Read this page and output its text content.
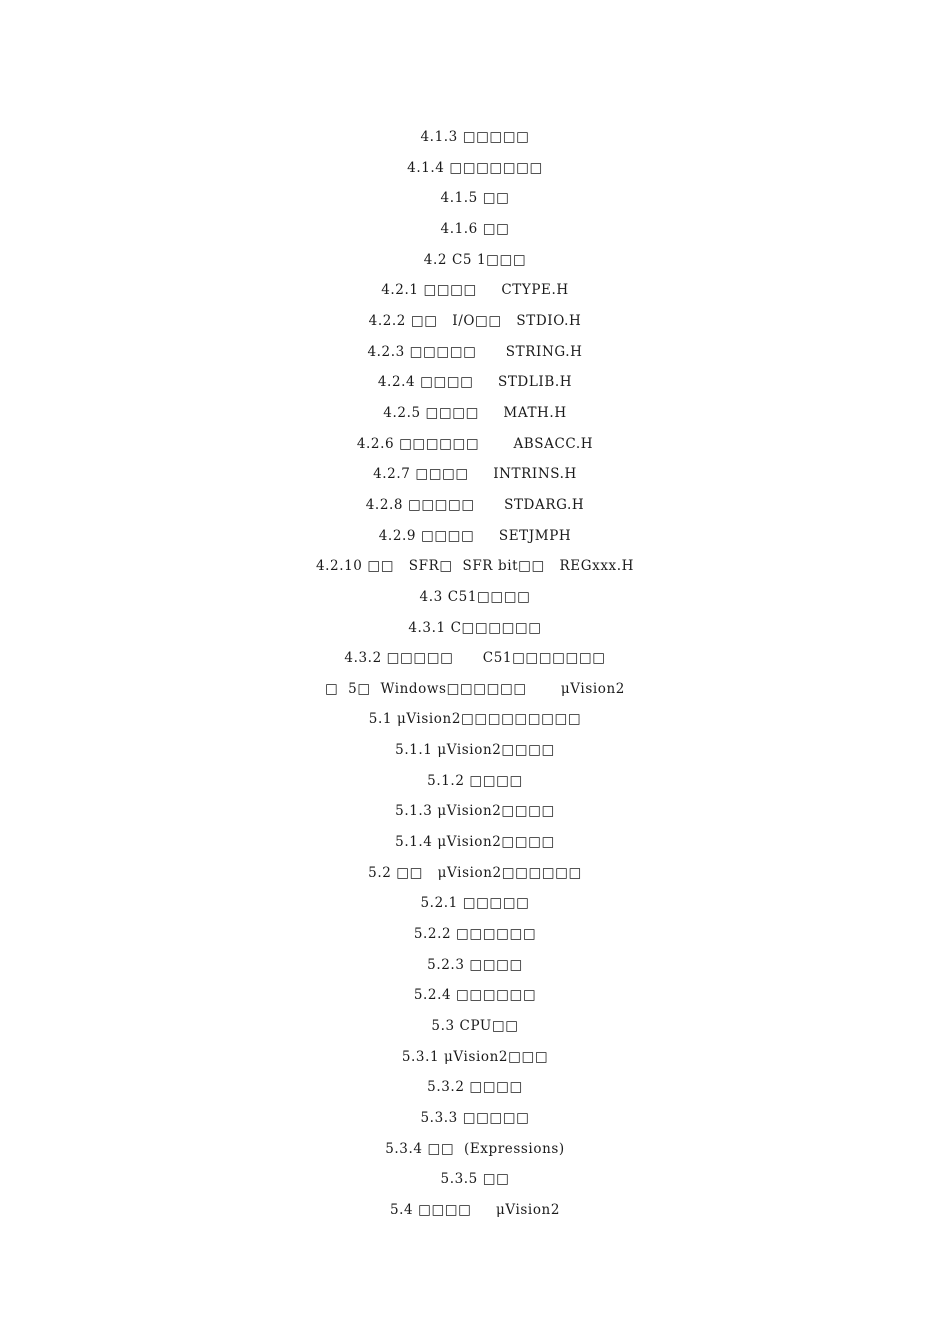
4.1.3 □□□□□
4.1.4 □□□□□□□
4.1.5 □□
4.1.6 □□
4.2 C5 1□□□
4.2.1 □□□□     CTYPE.H
4.2.2 □□   I/O□□   STDIO.H
4.2.3 □□□□□      STRING.H
4.2.4 □□□□     STDLIB.H
4.2.5 □□□□     MATH.H
4.2.6 □□□□□□       ABSACC.H
4.2.7 □□□□     INTRINS.H
4.2.8 □□□□□      STDARG.H
4.2.9 □□□□     SETJMPH
4.2.10 □□   SFR□  SFR bit□□   REGxxx.H
4.3 C51□□□□
4.3.1 C□□□□□□
4.3.2 □□□□□      C51□□□□□□□
□  5□  Windows□□□□□□       μVision2
5.1 μVision2□□□□□□□□□
5.1.1 μVision2□□□□
5.1.2 □□□□
5.1.3 μVision2□□□□
5.1.4 μVision2□□□□
5.2 □□   μVision2□□□□□□
5.2.1 □□□□□
5.2.2 □□□□□□
5.2.3 □□□□
5.2.4 □□□□□□
5.3 CPU□□
5.3.1 μVision2□□□
5.3.2 □□□□
5.3.3 □□□□□
5.3.4 □□  (Expressions)
5.3.5 □□
5.4 □□□□     μVision2
